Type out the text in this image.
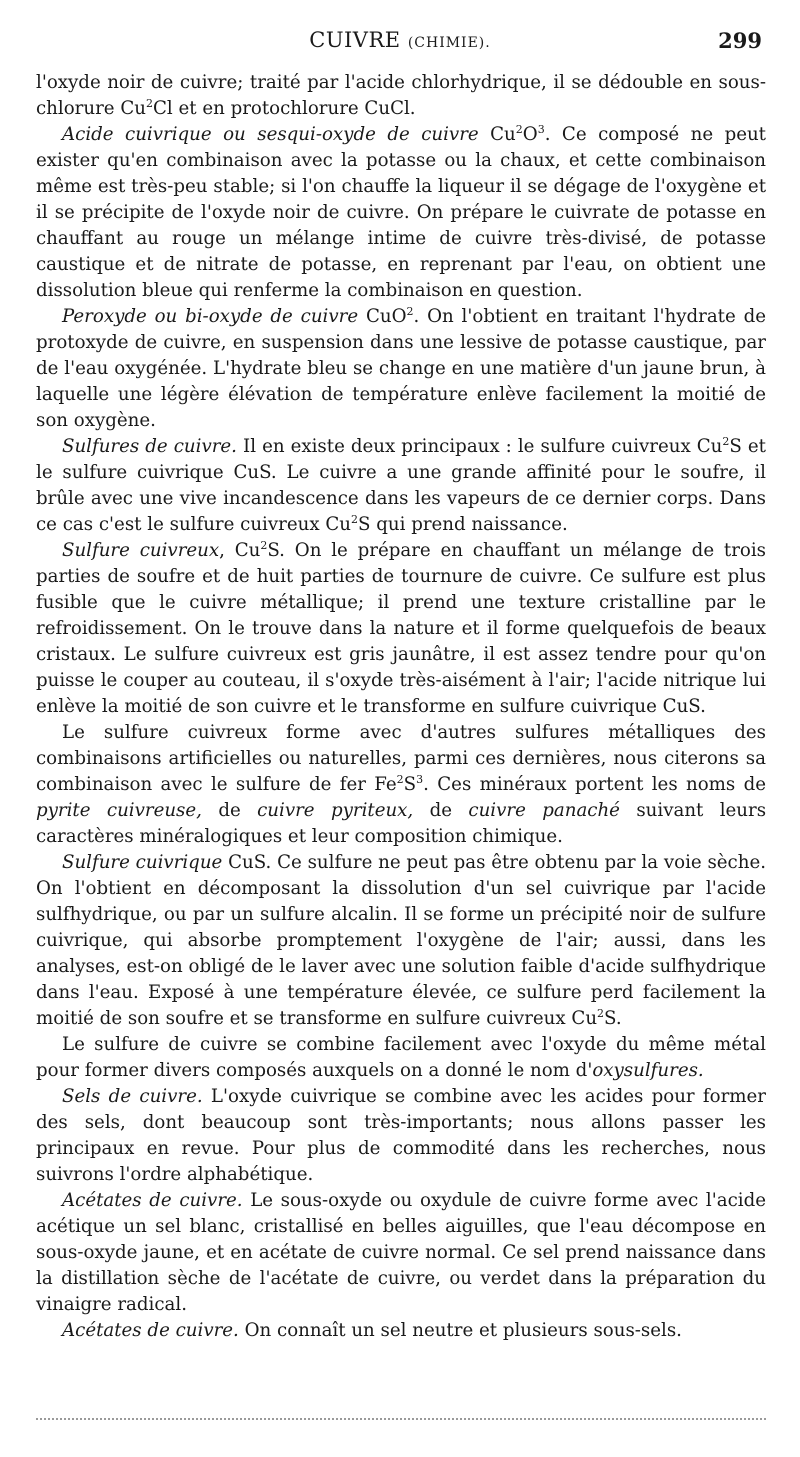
CUIVRE (CHIMIE).	299

l'oxyde noir de cuivre; traité par l'acide chlorhydrique, il se dédouble en sous-chlorure Cu$^2$Cl et en protochlorure CuCl.

Acide cuivrique ou sesqui-oxyde de cuivre $Cu^2O^3$. Ce composé ne peut exister qu'en combinaison avec la potasse ou la chaux, et cette combinaison même est très-peu stable; si l'on chauffe la liqueur il se dégage de l'oxygène et il se précipite de l'oxyde noir de cuivre. On prépare le cuivrate de potasse en chauffant au rouge un mélange intime de cuivre très-divisé, de potasse caustique et de nitrate de potasse, en reprenant par l'eau, on obtient une dissolution bleue qui renferme la combinaison en question.

Peroxyde ou bi-oxyde de cuivre CuO$^2$. On l'obtient en traitant l'hydrate de protoxyde de cuivre, en suspension dans une lessive de potasse caustique, par de l'eau oxygénée. L'hydrate bleu se change en une matière d'un jaune brun, à laquelle une légère élévation de température enlève facilement la moitié de son oxygène.

Sulfures de cuivre. Il en existe deux principaux : le sulfure cuivreux Cu$^2$S et le sulfure cuivrique CuS. Le cuivre a une grande affinité pour le soufre, il brûle avec une vive incandescence dans les vapeurs de ce dernier corps. Dans ce cas c'est le sulfure cuivreux Cu$^2$S qui prend naissance.

Sulfure cuivreux, Cu$^2$S. On le prépare en chauffant un mélange de trois parties de soufre et de huit parties de tournure de cuivre. Ce sulfure est plus fusible que le cuivre métallique; il prend une texture cristalline par le refroidissement. On le trouve dans la nature et il forme quelquefois de beaux cristaux. Le sulfure cuivreux est gris jaunâtre, il est assez tendre pour qu'on puisse le couper au couteau, il s'oxyde très-aisément à l'air; l'acide nitrique lui enlève la moitié de son cuivre et le transforme en sulfure cuivrique CuS.

Le sulfure cuivreux forme avec d'autres sulfures métalliques des combinaisons artificielles ou naturelles, parmi ces dernières, nous citerons sa combinaison avec le sulfure de fer $Fe^2S^3$. Ces minéraux portent les noms de pyrite cuivreuse, de cuivre pyriteux, de cuivre panaché suivant leurs caractères minéralogiques et leur composition chimique.

Sulfure cuivrique CuS. Ce sulfure ne peut pas être obtenu par la voie sèche. On l'obtient en décomposant la dissolution d'un sel cuivrique par l'acide sulfhydrique, ou par un sulfure alcalin. Il se forme un précipité noir de sulfure cuivrique, qui absorbe promptement l'oxygène de l'air; aussi, dans les analyses, est-on obligé de le laver avec une solution faible d'acide sulfhydrique dans l'eau. Exposé à une température élevée, ce sulfure perd facilement la moitié de son soufre et se transforme en sulfure cuivreux Cu$^2$S.

Le sulfure de cuivre se combine facilement avec l'oxyde du même métal pour former divers composés auxquels on a donné le nom d'oxysulfures.

Sels de cuivre. L'oxyde cuivrique se combine avec les acides pour former des sels, dont beaucoup sont très-importants; nous allons passer les principaux en revue. Pour plus de commodité dans les recherches, nous suivrons l'ordre alphabétique.

Acétates de cuivre. Le sous-oxyde ou oxydule de cuivre forme avec l'acide acétique un sel blanc, cristallisé en belles aiguilles, que l'eau décompose en sous-oxyde jaune, et en acétate de cuivre normal. Ce sel prend naissance dans la distillation sèche de l'acétate de cuivre, ou verdet dans la préparation du vinaigre radical.

Acétates de cuivre. On connaît un sel neutre et plusieurs sous-sels.
